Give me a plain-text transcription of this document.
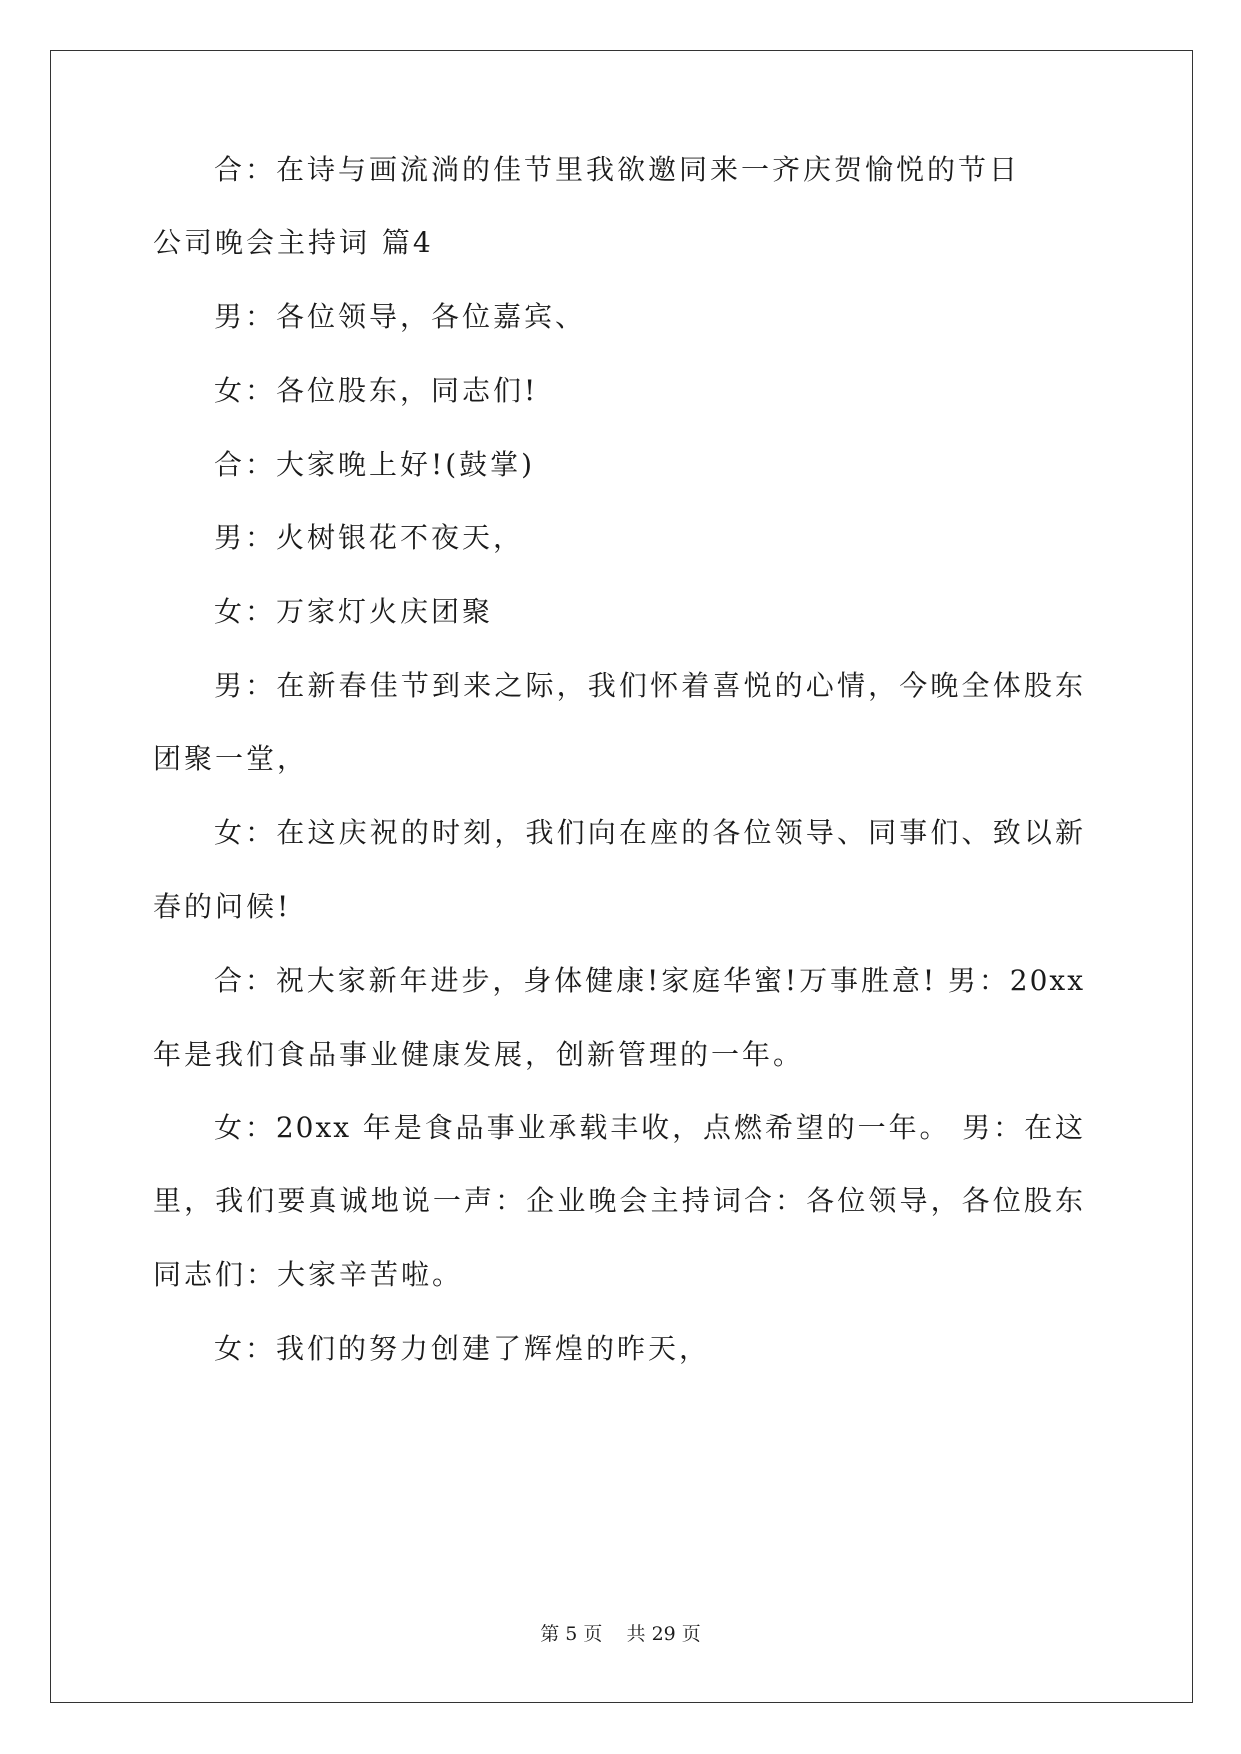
合：在诗与画流淌的佳节里我欲邀同来一齐庆贺愉悦的节日
公司晚会主持词 篇4
男：各位领导，各位嘉宾、
女：各位股东，同志们!
合：大家晚上好!(鼓掌)
男：火树银花不夜天，
女：万家灯火庆团聚
男：在新春佳节到来之际，我们怀着喜悦的心情，今晚全体股东
团聚一堂，
女：在这庆祝的时刻，我们向在座的各位领导、同事们、致以新
春的问候!
合：祝大家新年进步，身体健康!家庭华蜜!万事胜意! 男：20xx
年是我们食品事业健康发展，创新管理的一年。
女：20xx 年是食品事业承载丰收，点燃希望的一年。 男：在这
里，我们要真诚地说一声：企业晚会主持词合：各位领导，各位股东
同志们：大家辛苦啦。
女：我们的努力创建了辉煌的昨天，
第 5 页    共 29 页
